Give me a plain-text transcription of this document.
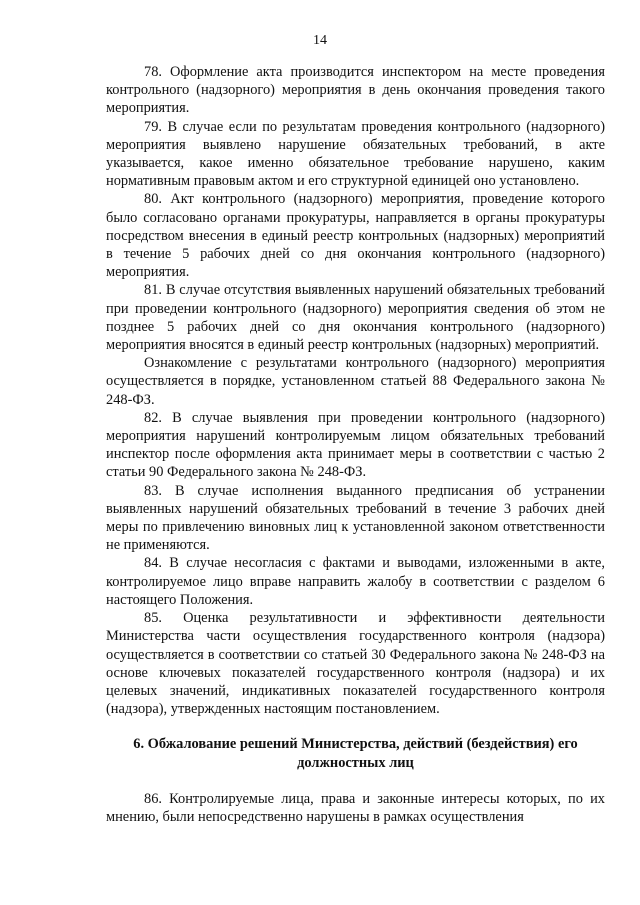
14

78. Оформление акта производится инспектором на месте проведения контрольного (надзорного) мероприятия в день окончания проведения такого мероприятия.

79. В случае если по результатам проведения контрольного (надзорного) мероприятия выявлено нарушение обязательных требований, в акте указывается, какое именно обязательное требование нарушено, каким нормативным правовым актом и его структурной единицей оно установлено.

80. Акт контрольного (надзорного) мероприятия, проведение которого было согласовано органами прокуратуры, направляется в органы прокуратуры посредством внесения в единый реестр контрольных (надзорных) мероприятий в течение 5 рабочих дней со дня окончания контрольного (надзорного) мероприятия.

81. В случае отсутствия выявленных нарушений обязательных требований при проведении контрольного (надзорного) мероприятия сведения об этом не позднее 5 рабочих дней со дня окончания контрольного (надзорного) мероприятия вносятся в единый реестр контрольных (надзорных) мероприятий.

Ознакомление с результатами контрольного (надзорного) мероприятия осуществляется в порядке, установленном статьей 88 Федерального закона № 248-ФЗ.

82. В случае выявления при проведении контрольного (надзорного) мероприятия нарушений контролируемым лицом обязательных требований инспектор после оформления акта принимает меры в соответствии с частью 2 статьи 90 Федерального закона № 248-ФЗ.

83. В случае исполнения выданного предписания об устранении выявленных нарушений обязательных требований в течение 3 рабочих дней меры по привлечению виновных лиц к установленной законом ответственности не применяются.

84. В случае несогласия с фактами и выводами, изложенными в акте, контролируемое лицо вправе направить жалобу в соответствии с разделом 6 настоящего Положения.

85. Оценка результативности и эффективности деятельности Министерства части осуществления государственного контроля (надзора) осуществляется в соответствии со статьей 30 Федерального закона № 248-ФЗ на основе ключевых показателей государственного контроля (надзора) и их целевых значений, индикативных показателей государственного контроля (надзора), утвержденных настоящим постановлением.

6. Обжалование решений Министерства, действий (бездействия) его
должностных лиц

86. Контролируемые лица, права и законные интересы которых, по их мнению, были непосредственно нарушены в рамках осуществления
